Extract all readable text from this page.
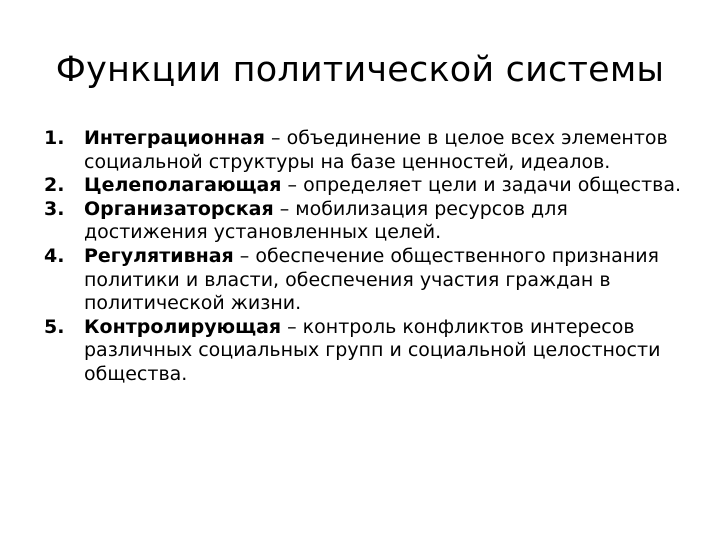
Функции политической системы
1. Интеграционная – объединение в целое всех элементов социальной структуры на базе ценностей, идеалов.
2. Целеполагающая – определяет цели и задачи общества.
3. Организаторская – мобилизация ресурсов для достижения установленных целей.
4. Регулятивная – обеспечение общественного признания политики и власти, обеспечения участия граждан в политической жизни.
5. Контролирующая – контроль конфликтов интересов различных социальных групп и социальной целостности общества.
